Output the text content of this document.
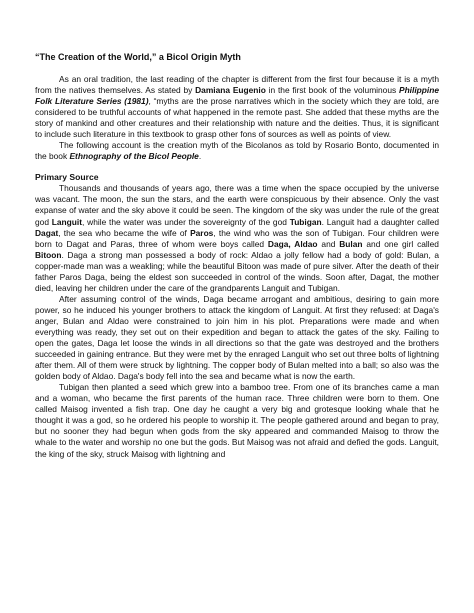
“The Creation of the World,” a Bicol Origin Myth

As an oral tradition, the last reading of the chapter is different from the first four because it is a myth from the natives themselves. As stated by Damiana Eugenio in the first book of the voluminous Philippine Folk Literature Series (1981), “myths are the prose narratives which in the society which they are told, are considered to be truthful accounts of what happened in the remote past. She added that these myths are the story of mankind and other creatures and their relationship with nature and the deities. Thus, it is significant to include such literature in this textbook to grasp other fons of sources as well as points of view.

The following account is the creation myth of the Bicolanos as told by Rosario Bonto, documented in the book Ethnography of the Bicol People.

Primary Source

Thousands and thousands of years ago, there was a time when the space occupied by the universe was vacant. The moon, the sun the stars, and the earth were conspicuous by their absence. Only the vast expanse of water and the sky above it could be seen. The kingdom of the sky was under the rule of the great god Languit, while the water was under the sovereignty of the god Tubigan. Languit had a daughter called Dagat, the sea who became the wife of Paros, the wind who was the son of Tubigan. Four children were born to Dagat and Paras, three of whom were boys called Daga, Aldao and Bulan and one girl called Bitoon. Daga a strong man possessed a body of rock: Aldao a jolly fellow had a body of gold: Bulan, a copper-made man was a weakling; while the beautiful Bitoon was made of pure silver. After the death of their father Paros Daga, being the eldest son succeeded in control of the winds. Soon after, Dagat, the mother died, leaving her children under the care of the grandparents Languit and Tubigan.

After assuming control of the winds, Daga became arrogant and ambitious, desiring to gain more power, so he induced his younger brothers to attack the kingdom of Languit. At first they refused: at Daga's anger, Bulan and Aldao were constrained to join him in his plot. Preparations were made and when everything was ready, they set out on their expedition and began to attack the gates of the sky. Failing to open the gates, Daga let loose the winds in all directions so that the gate was destroyed and the brothers succeeded in gaining entrance. But they were met by the enraged Languit who set out three bolts of lightning after them. All of them were struck by lightning. The copper body of Bulan melted into a ball; so also was the golden body of Aldao. Daga's body fell into the sea and became what is now the earth.

Tubigan then planted a seed which grew into a bamboo tree. From one of its branches came a man and a woman, who became the first parents of the human race. Three children were born to them. One called Maisog invented a fish trap. One day he caught a very big and grotesque looking whale that he thought it was a god, so he ordered his people to worship it. The people gathered around and began to pray, but no sooner they had begun when gods from the sky appeared and commanded Maisog to throw the whale to the water and worship no one but the gods. But Maisog was not afraid and defied the gods. Languit, the king of the sky, struck Maisog with lightning and
